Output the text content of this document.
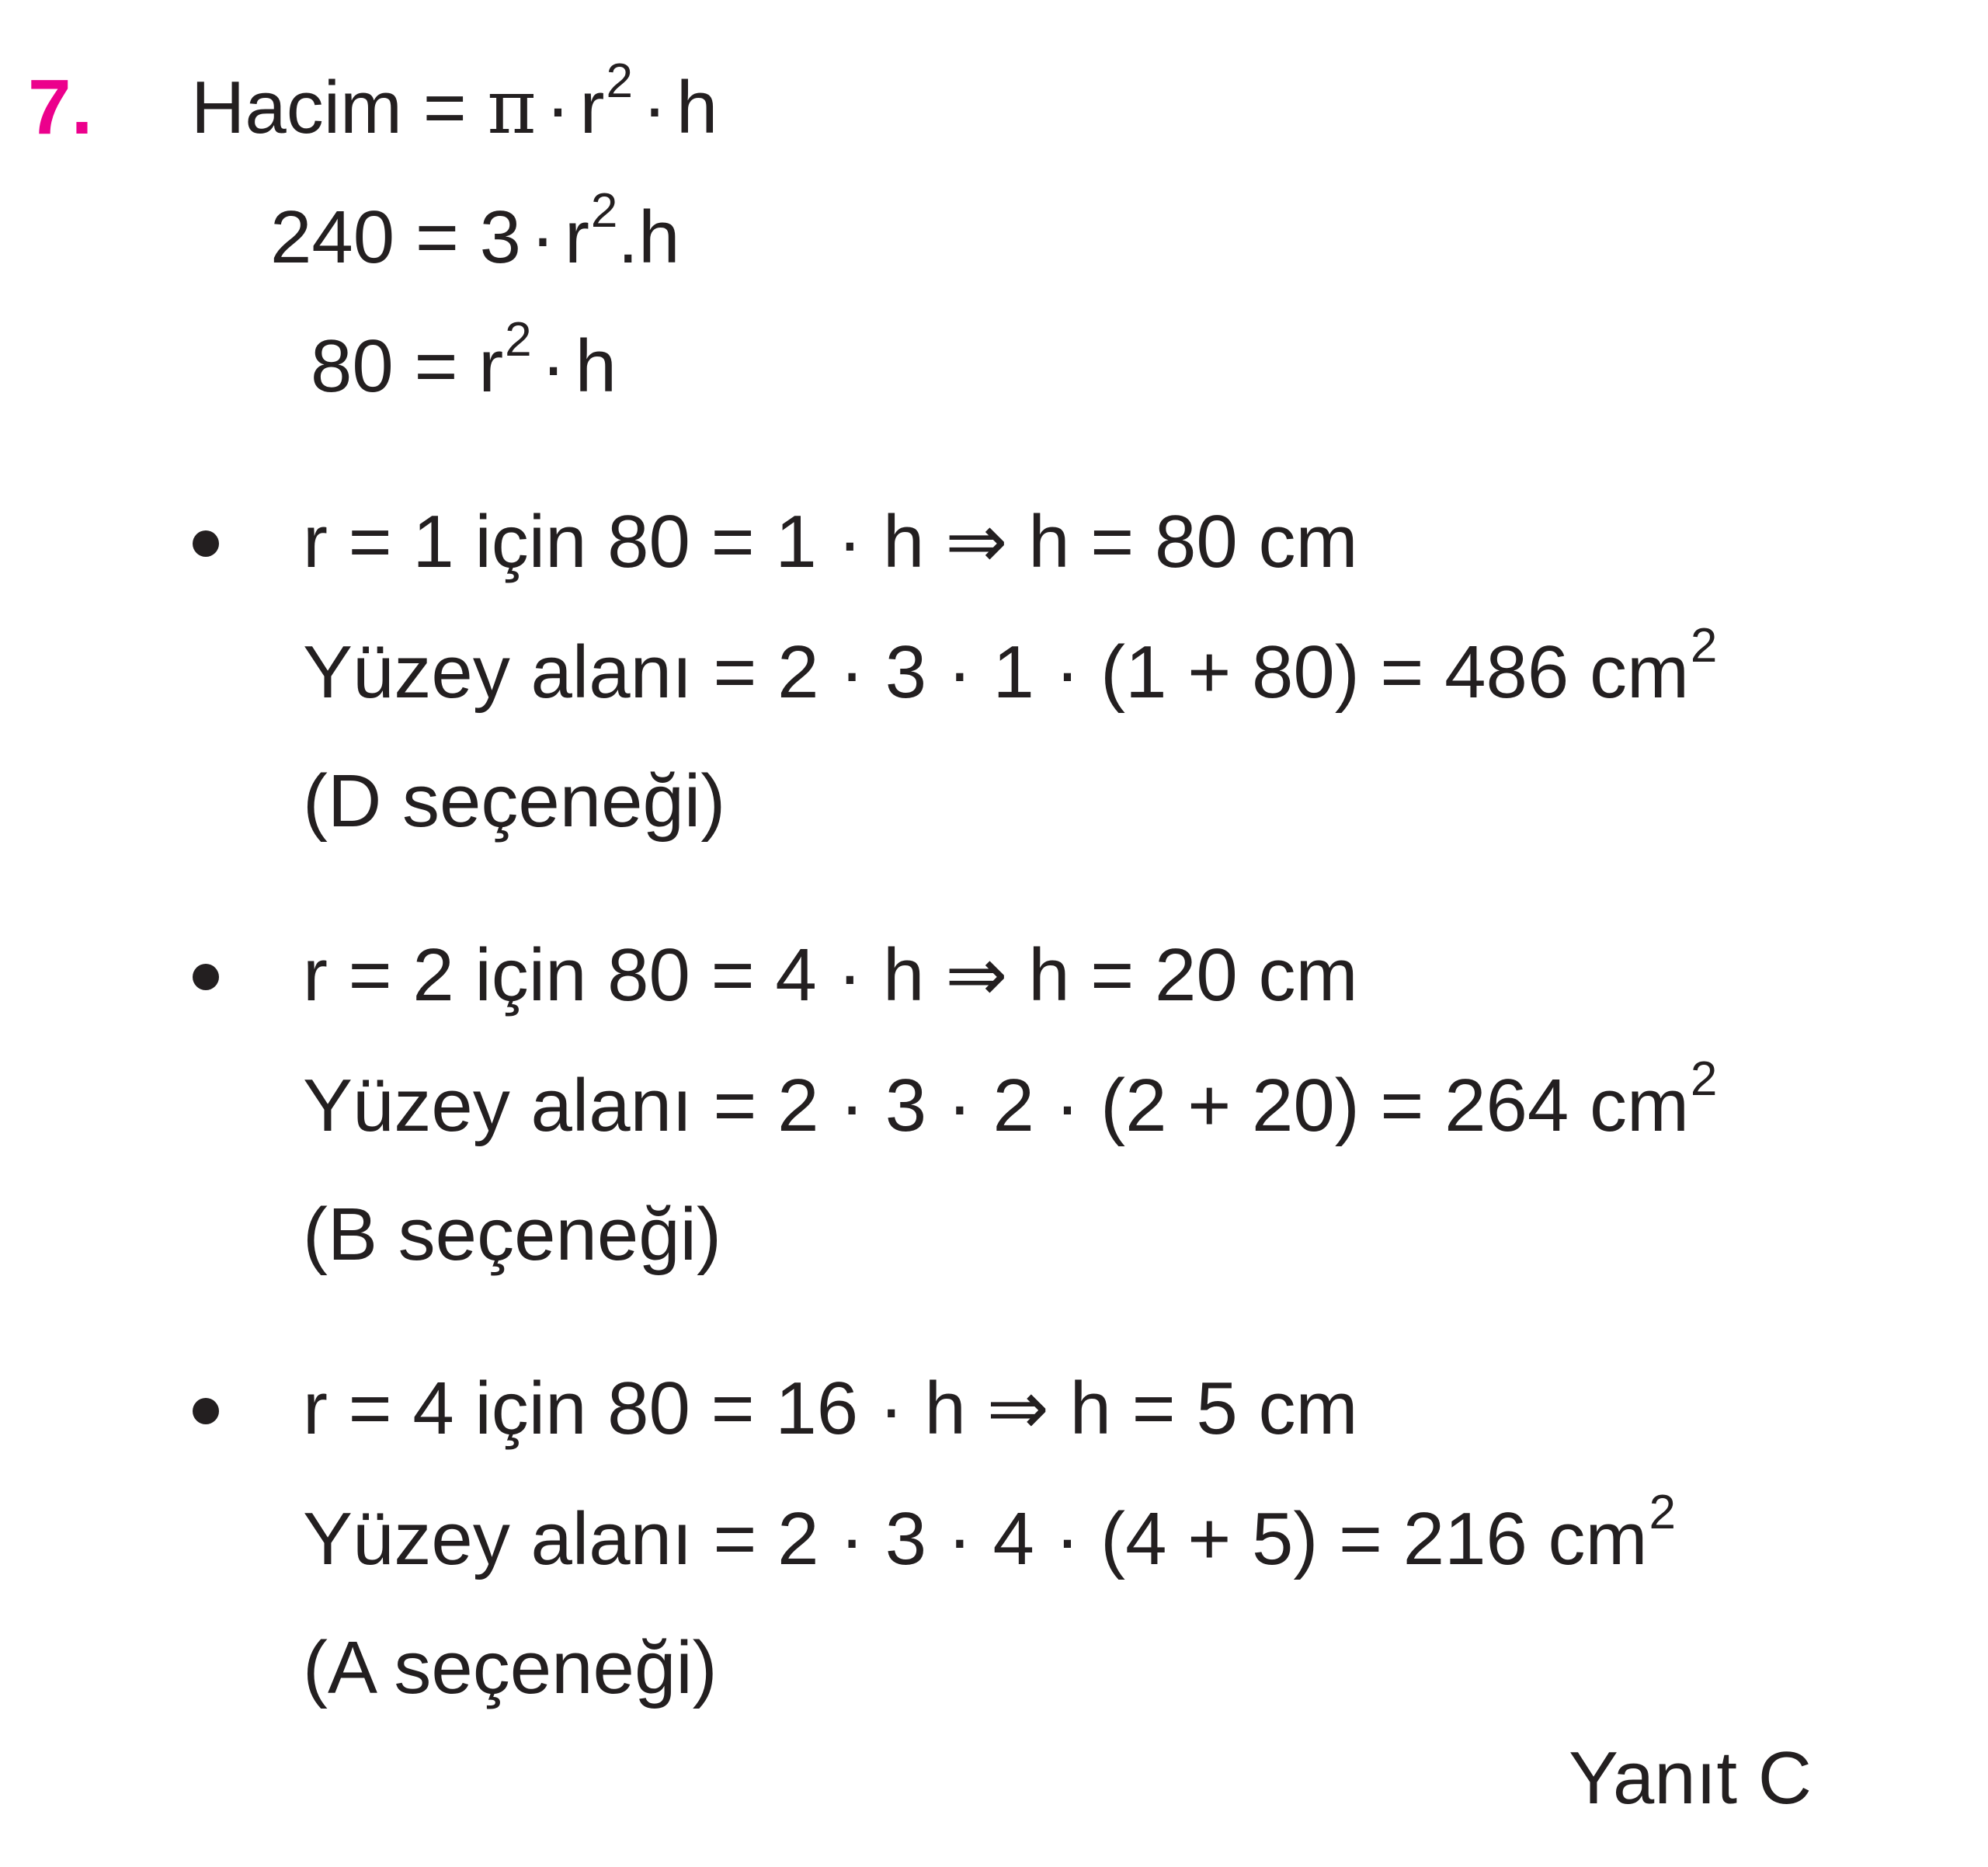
7. Hacim = $\pi \cdot r^2 \cdot h$
$240 = 3 \cdot r^2.h$
$80 = r^2 \cdot h$
r = 1 için 80 = 1 · h ⇒ h = 80 cm
Yüzey alanı = 2 · 3 · 1 · (1 + 80) = 486 $cm^2$
(D seçeneği)
r = 2 için 80 = 4 · h ⇒ h = 20 cm
Yüzey alanı = 2 · 3 · 2 · (2 + 20) = 264 $cm^2$
(B seçeneği)
r = 4 için 80 = 16 · h ⇒ h = 5 cm
Yüzey alanı = 2 · 3 · 4 · (4 + 5) = 216 $cm^2$
(A seçeneği)
Yanıt C
